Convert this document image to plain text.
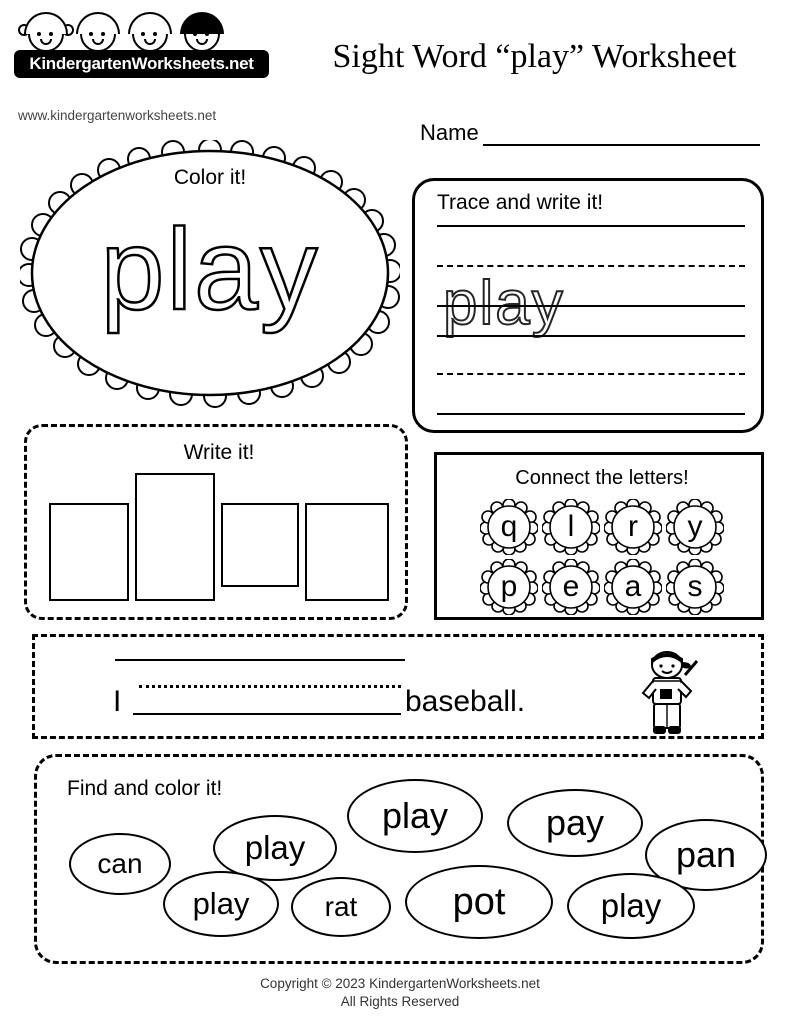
KindergartenWorksheets.net
www.kindergartenworksheets.net
Sight Word “play” Worksheet
Name
Color it!
play
Trace and write it!
play
Write it!
Connect the letters!
q	l	r	y
p	e	a	s
I	baseball.
Find and color it!
play	pay
play	pan
can
play	rat	pot	play
Copyright © 2023 KindergartenWorksheets.net
All Rights Reserved
